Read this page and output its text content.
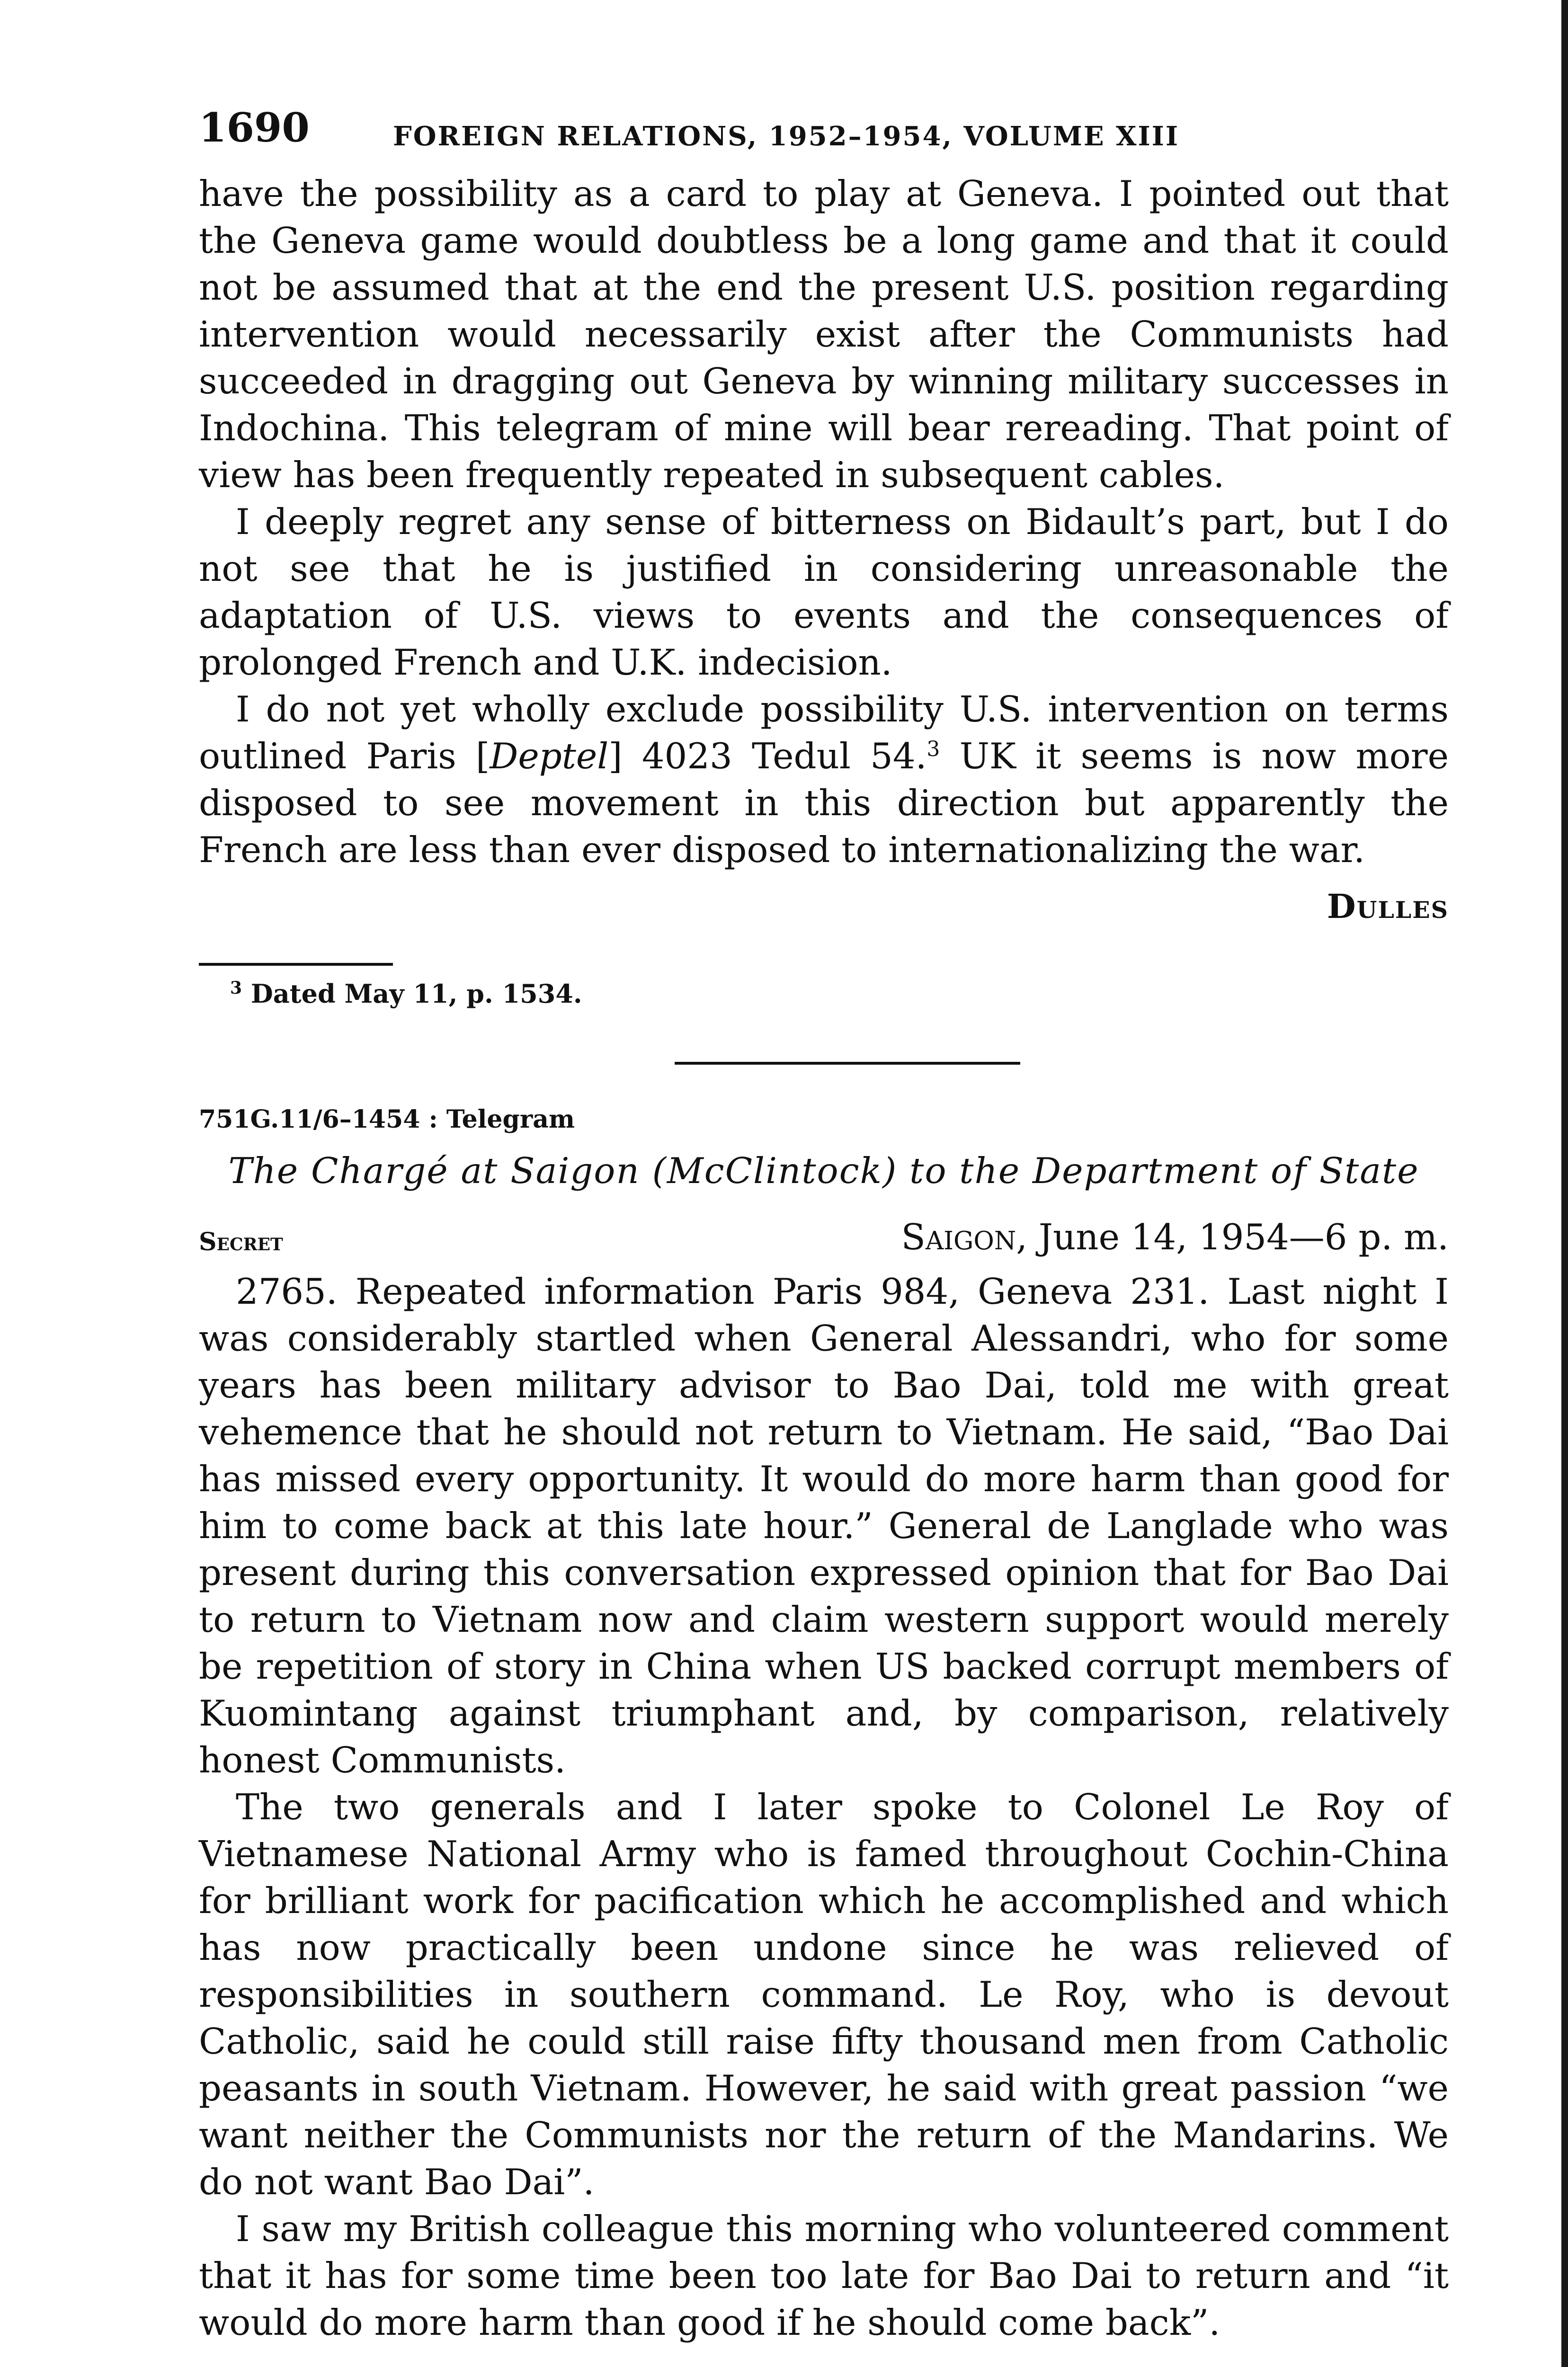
1690	FOREIGN RELATIONS, 1952–1954, VOLUME XIII

have the possibility as a card to play at Geneva. I pointed out that the Geneva game would doubtless be a long game and that it could not be assumed that at the end the present U.S. position regarding intervention would necessarily exist after the Communists had succeeded in dragging out Geneva by winning military successes in Indochina. This telegram of mine will bear rereading. That point of view has been frequently repeated in subsequent cables.

I deeply regret any sense of bitterness on Bidault’s part, but I do not see that he is justified in considering unreasonable the adaptation of U.S. views to events and the consequences of prolonged French and U.K. indecision.

I do not yet wholly exclude possibility U.S. intervention on terms outlined Paris [Deptel] 4023 Tedul 54.$^3$ UK it seems is now more disposed to see movement in this direction but apparently the French are less than ever disposed to internationalizing the war.

Dulles
$^3$ Dated May 11, p. 1534.
751G.11/6–1454 : Telegram
The Chargé at Saigon (McClintock) to the Department of State
Secret	Saigon, June 14, 1954—6 p. m.

2765. Repeated information Paris 984, Geneva 231. Last night I was considerably startled when General Alessandri, who for some years has been military advisor to Bao Dai, told me with great vehemence that he should not return to Vietnam. He said, “Bao Dai has missed every opportunity. It would do more harm than good for him to come back at this late hour.” General de Langlade who was present during this conversation expressed opinion that for Bao Dai to return to Vietnam now and claim western support would merely be repetition of story in China when US backed corrupt members of Kuomintang against triumphant and, by comparison, relatively honest Communists.

The two generals and I later spoke to Colonel Le Roy of Vietnamese National Army who is famed throughout Cochin-China for brilliant work for pacification which he accomplished and which has now practically been undone since he was relieved of responsibilities in southern command. Le Roy, who is devout Catholic, said he could still raise fifty thousand men from Catholic peasants in south Vietnam. However, he said with great passion “we want neither the Communists nor the return of the Mandarins. We do not want Bao Dai”.

I saw my British colleague this morning who volunteered comment that it has for some time been too late for Bao Dai to return and “it would do more harm than good if he should come back”.
